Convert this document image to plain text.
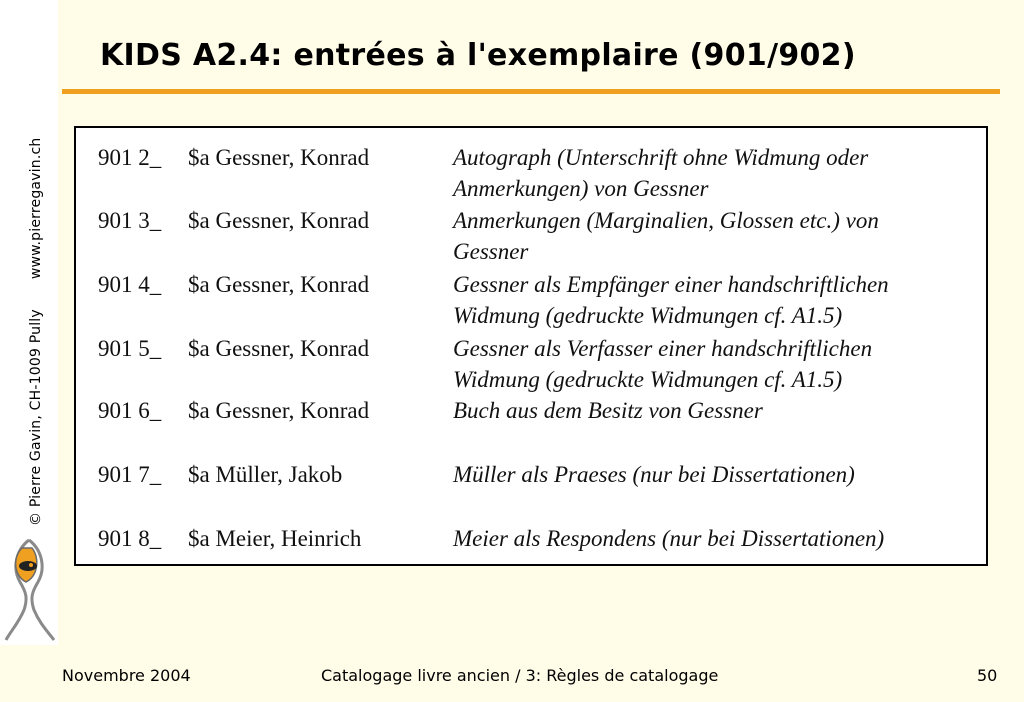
© Pierre Gavin, CH-1009 Pullywww.pierregavin.ch
KIDS A2.4: entrées à l'exemplaire (901/902)
901 2_ $a Gessner, Konrad	Autograph (Unterschrift ohne Widmung oder
Anmerkungen) von Gessner
901 3_ $a Gessner, Konrad	Anmerkungen (Marginalien, Glossen etc.) von
Gessner
901 4_ $a Gessner, Konrad	Gessner als Empfänger einer handschriftlichen
Widmung (gedruckte Widmungen cf. A1.5)
901 5_ $a Gessner, Konrad	Gessner als Verfasser einer handschriftlichen
Widmung (gedruckte Widmungen cf. A1.5)
901 6_ $a Gessner, Konrad	Buch aus dem Besitz von Gessner
901 7_ $a Müller, Jakob	Müller als Praeses (nur bei Dissertationen)
901 8_ $a Meier, Heinrich	Meier als Respondens (nur bei Dissertationen)
Novembre 2004	Catalogage livre ancien / 3: Règles de catalogage	50
